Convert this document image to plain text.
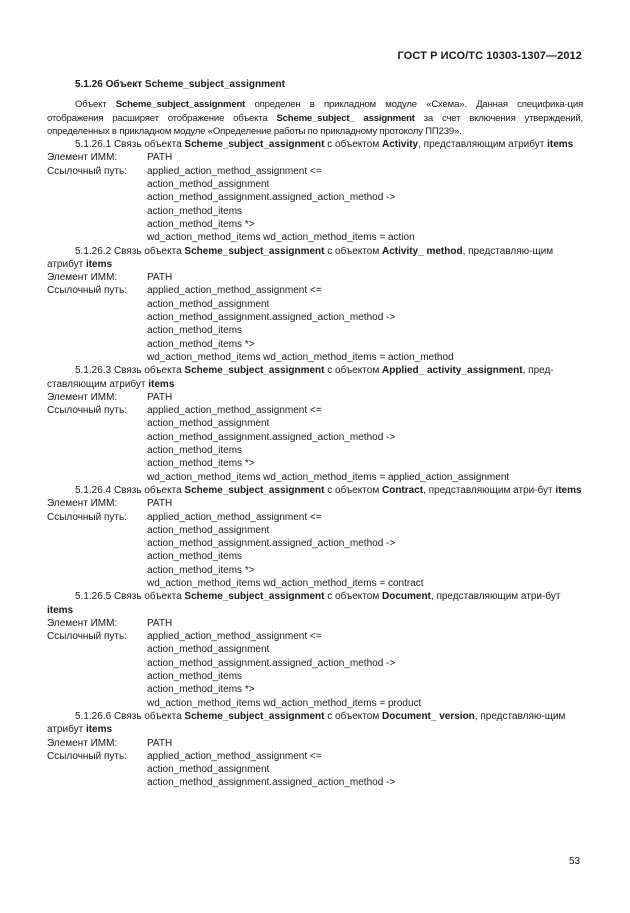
ГОСТ Р ИСО/ТС 10303-1307—2012
5.1.26 Объект Scheme_subject_assignment
Объект Scheme_subject_assignment определен в прикладном модуле «Схема». Данная специфика-ция отображения расширяет отображение объекта Scheme_subject_ assignment за счет включения утверждений, определенных в прикладном модуле «Определение работы по прикладному протоколу ПП239».
5.1.26.1 Связь объекта Scheme_subject_assignment с объектом Activity, представляющим атрибут items
Элемент ИММ:	PATH
Ссылочный путь:	applied_action_method_assignment <=
action_method_assignment
action_method_assignment.assigned_action_method ->
action_method_items
action_method_items *>
wd_action_method_items wd_action_method_items = action
5.1.26.2 Связь объекта Scheme_subject_assignment с объектом Activity_ method, представляю-щим атрибут items
Элемент ИММ:	PATH
Ссылочный путь:	applied_action_method_assignment <=
action_method_assignment
action_method_assignment.assigned_action_method ->
action_method_items
action_method_items *>
wd_action_method_items wd_action_method_items = action_method
5.1.26.3 Связь объекта Scheme_subject_assignment с объектом Applied_ activity_assignment, пред-ставляющим атрибут items
Элемент ИММ:	PATH
Ссылочный путь:	applied_action_method_assignment <=
action_method_assignment
action_method_assignment.assigned_action_method ->
action_method_items
action_method_items *>
wd_action_method_items wd_action_method_items = applied_action_assignment
5.1.26.4 Связь объекта Scheme_subject_assignment с объектом Contract, представляющим атри-бут items
Элемент ИММ:	PATH
Ссылочный путь:	applied_action_method_assignment <=
action_method_assignment
action_method_assignment.assigned_action_method ->
action_method_items
action_method_items *>
wd_action_method_items wd_action_method_items = contract
5.1.26.5 Связь объекта Scheme_subject_assignment с объектом Document, представляющим атри-бут items
Элемент ИММ:	PATH
Ссылочный путь:	applied_action_method_assignment <=
action_method_assignment
action_method_assignment.assigned_action_method ->
action_method_items
action_method_items *>
wd_action_method_items wd_action_method_items = product
5.1.26.6 Связь объекта Scheme_subject_assignment с объектом Document_ version, представляю-щим атрибут items
Элемент ИММ:	PATH
Ссылочный путь:	applied_action_method_assignment <=
action_method_assignment
action_method_assignment.assigned_action_method ->
53
